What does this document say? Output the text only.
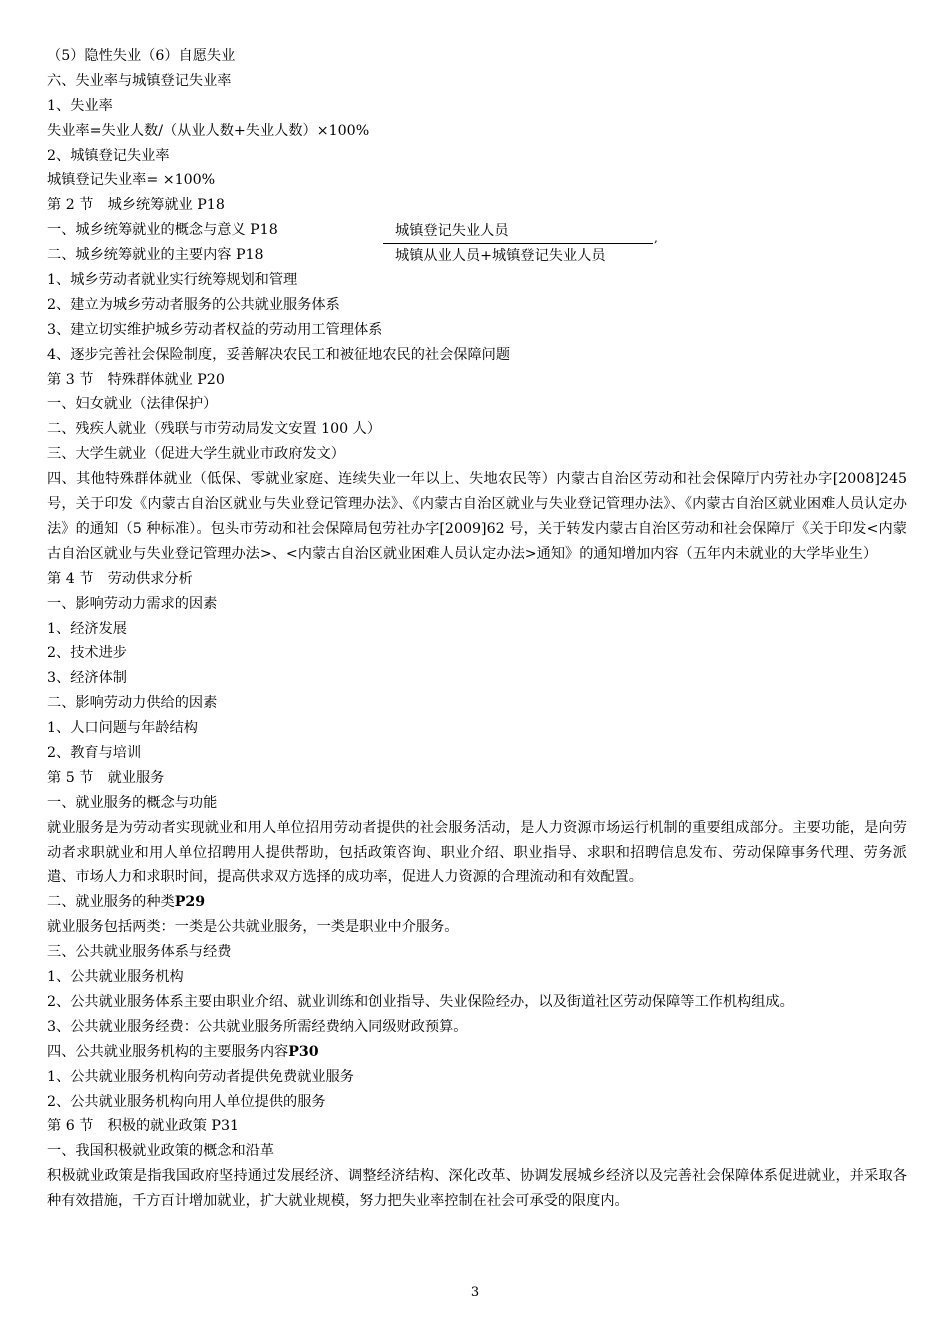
（5）隐性失业（6）自愿失业
六、失业率与城镇登记失业率
1、失业率
失业率=失业人数/（从业人数+失业人数）×100%
2、城镇登记失业率
城镇登记失业率= ×100%
第 2 节　城乡统筹就业 P18
一、城乡统筹就业的概念与意义 P18
二、城乡统筹就业的主要内容 P18
1、城乡劳动者就业实行统筹规划和管理
2、建立为城乡劳动者服务的公共就业服务体系
3、建立切实维护城乡劳动者权益的劳动用工管理体系
4、逐步完善社会保险制度，妥善解决农民工和被征地农民的社会保障问题
第 3 节　特殊群体就业 P20
一、妇女就业（法律保护）
二、残疾人就业（残联与市劳动局发文安置 100 人）
三、大学生就业（促进大学生就业市政府发文）
四、其他特殊群体就业（低保、零就业家庭、连续失业一年以上、失地农民等）内蒙古自治区劳动和社会保障厅内劳社办字[2008]245 号，关于印发《内蒙古自治区就业与失业登记管理办法》、《内蒙古自治区就业与失业登记管理办法》、《内蒙古自治区就业困难人员认定办法》的通知（5 种标准）。包头市劳动和社会保障局包劳社办字[2009]62 号，关于转发内蒙古自治区劳动和社会保障厅《关于印发<内蒙古自治区就业与失业登记管理办法>、<内蒙古自治区就业困难人员认定办法>通知》的通知增加内容（五年内未就业的大学毕业生）
第 4 节　劳动供求分析
一、影响劳动力需求的因素
1、经济发展
2、技术进步
3、经济体制
二、影响劳动力供给的因素
1、人口问题与年龄结构
2、教育与培训
第 5 节　就业服务
一、就业服务的概念与功能
就业服务是为劳动者实现就业和用人单位招用劳动者提供的社会服务活动，是人力资源市场运行机制的重要组成部分。主要功能，是向劳动者求职就业和用人单位招聘用人提供帮助，包括政策咨询、职业介绍、职业指导、求职和招聘信息发布、劳动保障事务代理、劳务派遣、市场人力和求职时间，提高供求双方选择的成功率，促进人力资源的合理流动和有效配置。
二、就业服务的种类P29
就业服务包括两类：一类是公共就业服务，一类是职业中介服务。
三、公共就业服务体系与经费
1、公共就业服务机构
2、公共就业服务体系主要由职业介绍、就业训练和创业指导、失业保险经办，以及街道社区劳动保障等工作机构组成。
3、公共就业服务经费：公共就业服务所需经费纳入同级财政预算。
四、公共就业服务机构的主要服务内容P30
1、公共就业服务机构向劳动者提供免费就业服务
2、公共就业服务机构向用人单位提供的服务
第 6 节　积极的就业政策 P31
一、我国积极就业政策的概念和沿革
积极就业政策是指我国政府坚持通过发展经济、调整经济结构、深化改革、协调发展城乡经济以及完善社会保障体系促进就业，并采取各种有效措施，千方百计增加就业，扩大就业规模，努力把失业率控制在社会可承受的限度内。
城镇登记失业人员
城镇从业人员+城镇登记失业人员
,
3
